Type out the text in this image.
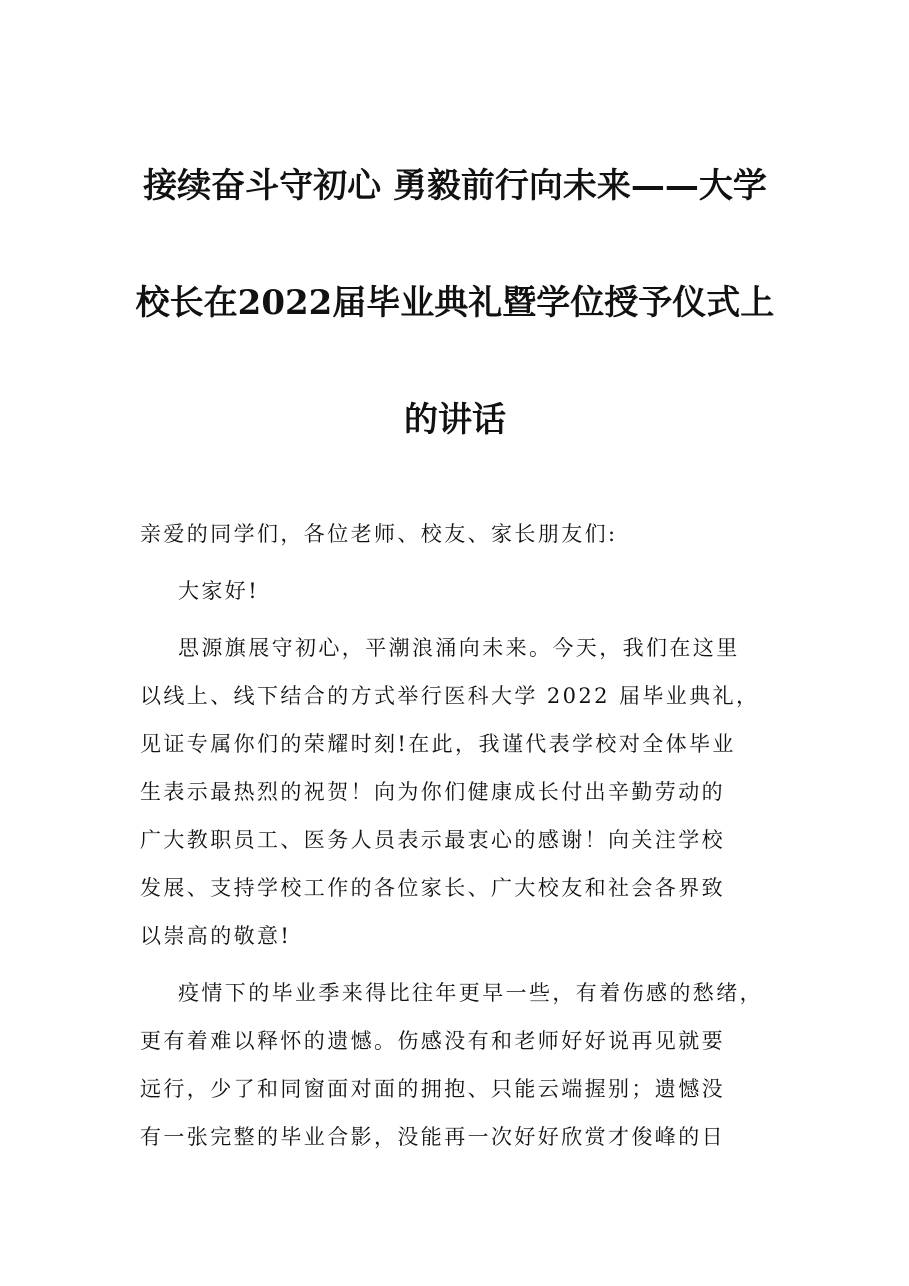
接续奋斗守初心 勇毅前行向未来——大学
校长在2022届毕业典礼暨学位授予仪式上
的讲话

亲爱的同学们，各位老师、校友、家长朋友们:

大家好!

思源旗展守初心，平潮浪涌向未来。今天，我们在这里
以线上、线下结合的方式举行医科大学 2022 届毕业典礼，
见证专属你们的荣耀时刻!在此，我谨代表学校对全体毕业
生表示最热烈的祝贺！向为你们健康成长付出辛勤劳动的
广大教职员工、医务人员表示最衷心的感谢！向关注学校
发展、支持学校工作的各位家长、广大校友和社会各界致
以崇高的敬意!

疫情下的毕业季来得比往年更早一些，有着伤感的愁绪，
更有着难以释怀的遗憾。伤感没有和老师好好说再见就要
远行，少了和同窗面对面的拥抱、只能云端握别；遗憾没
有一张完整的毕业合影，没能再一次好好欣赏才俊峰的日
